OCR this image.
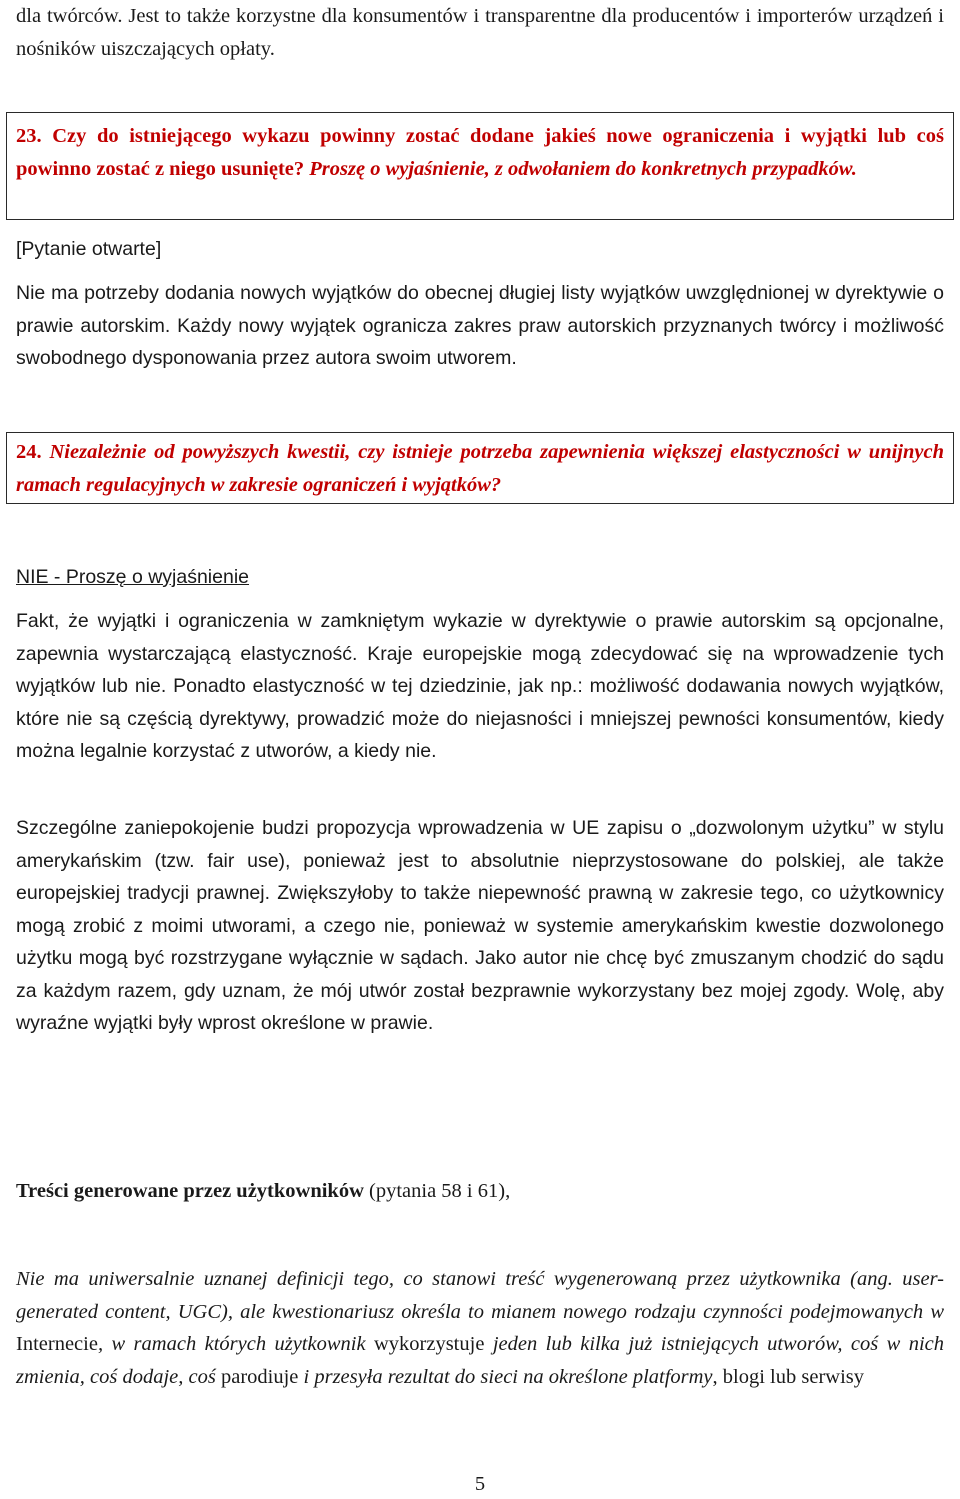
dla twórców. Jest to także korzystne dla konsumentów i transparentne dla producentów i importerów urządzeń i nośników uiszczających opłaty.

23. Czy do istniejącego wykazu powinny zostać dodane jakieś nowe ograniczenia i wyjątki lub coś powinno zostać z niego usunięte? Proszę o wyjaśnienie, z odwołaniem do konkretnych przypadków.

[Pytanie otwarte]

Nie ma potrzeby dodania nowych wyjątków do obecnej długiej listy wyjątków uwzględnionej w dyrektywie o prawie autorskim. Każdy nowy wyjątek ogranicza zakres praw autorskich przyznanych twórcy i możliwość swobodnego dysponowania przez autora swoim utworem.

24. Niezależnie od powyższych kwestii, czy istnieje potrzeba zapewnienia większej elastyczności w unijnych ramach regulacyjnych w zakresie ograniczeń i wyjątków?

NIE - Proszę o wyjaśnienie

Fakt, że wyjątki i ograniczenia w zamkniętym wykazie w dyrektywie o prawie autorskim są opcjonalne, zapewnia wystarczającą elastyczność. Kraje europejskie mogą zdecydować się na wprowadzenie tych wyjątków lub nie. Ponadto elastyczność w tej dziedzinie, jak np.: możliwość dodawania nowych wyjątków, które nie są częścią dyrektywy, prowadzić może do niejasności i mniejszej pewności konsumentów, kiedy można legalnie korzystać z utworów, a kiedy nie.

Szczególne zaniepokojenie budzi propozycja wprowadzenia w UE zapisu o „dozwolonym użytku” w stylu amerykańskim (tzw. fair use), ponieważ jest to absolutnie nieprzystosowane do polskiej, ale także europejskiej tradycji prawnej. Zwiększyłoby to także niepewność prawną w zakresie tego, co użytkownicy mogą zrobić z moimi utworami, a czego nie, ponieważ w systemie amerykańskim kwestie dozwolonego użytku mogą być rozstrzygane wyłącznie w sądach. Jako autor nie chcę być zmuszanym chodzić do sądu za każdym razem, gdy uznam, że mój utwór został bezprawnie wykorzystany bez mojej zgody. Wolę, aby wyraźne wyjątki były wprost określone w prawie.

Treści generowane przez użytkowników (pytania 58 i 61),

Nie ma uniwersalnie uznanej definicji tego, co stanowi treść wygenerowaną przez użytkownika (ang. user-generated content, UGC), ale kwestionariusz określa to mianem nowego rodzaju czynności podejmowanych w Internecie, w ramach których użytkownik wykorzystuje jeden lub kilka już istniejących utworów, coś w nich zmienia, coś dodaje, coś parodiuje i przesyła rezultat do sieci na określone platformy, blogi lub serwisy

5
